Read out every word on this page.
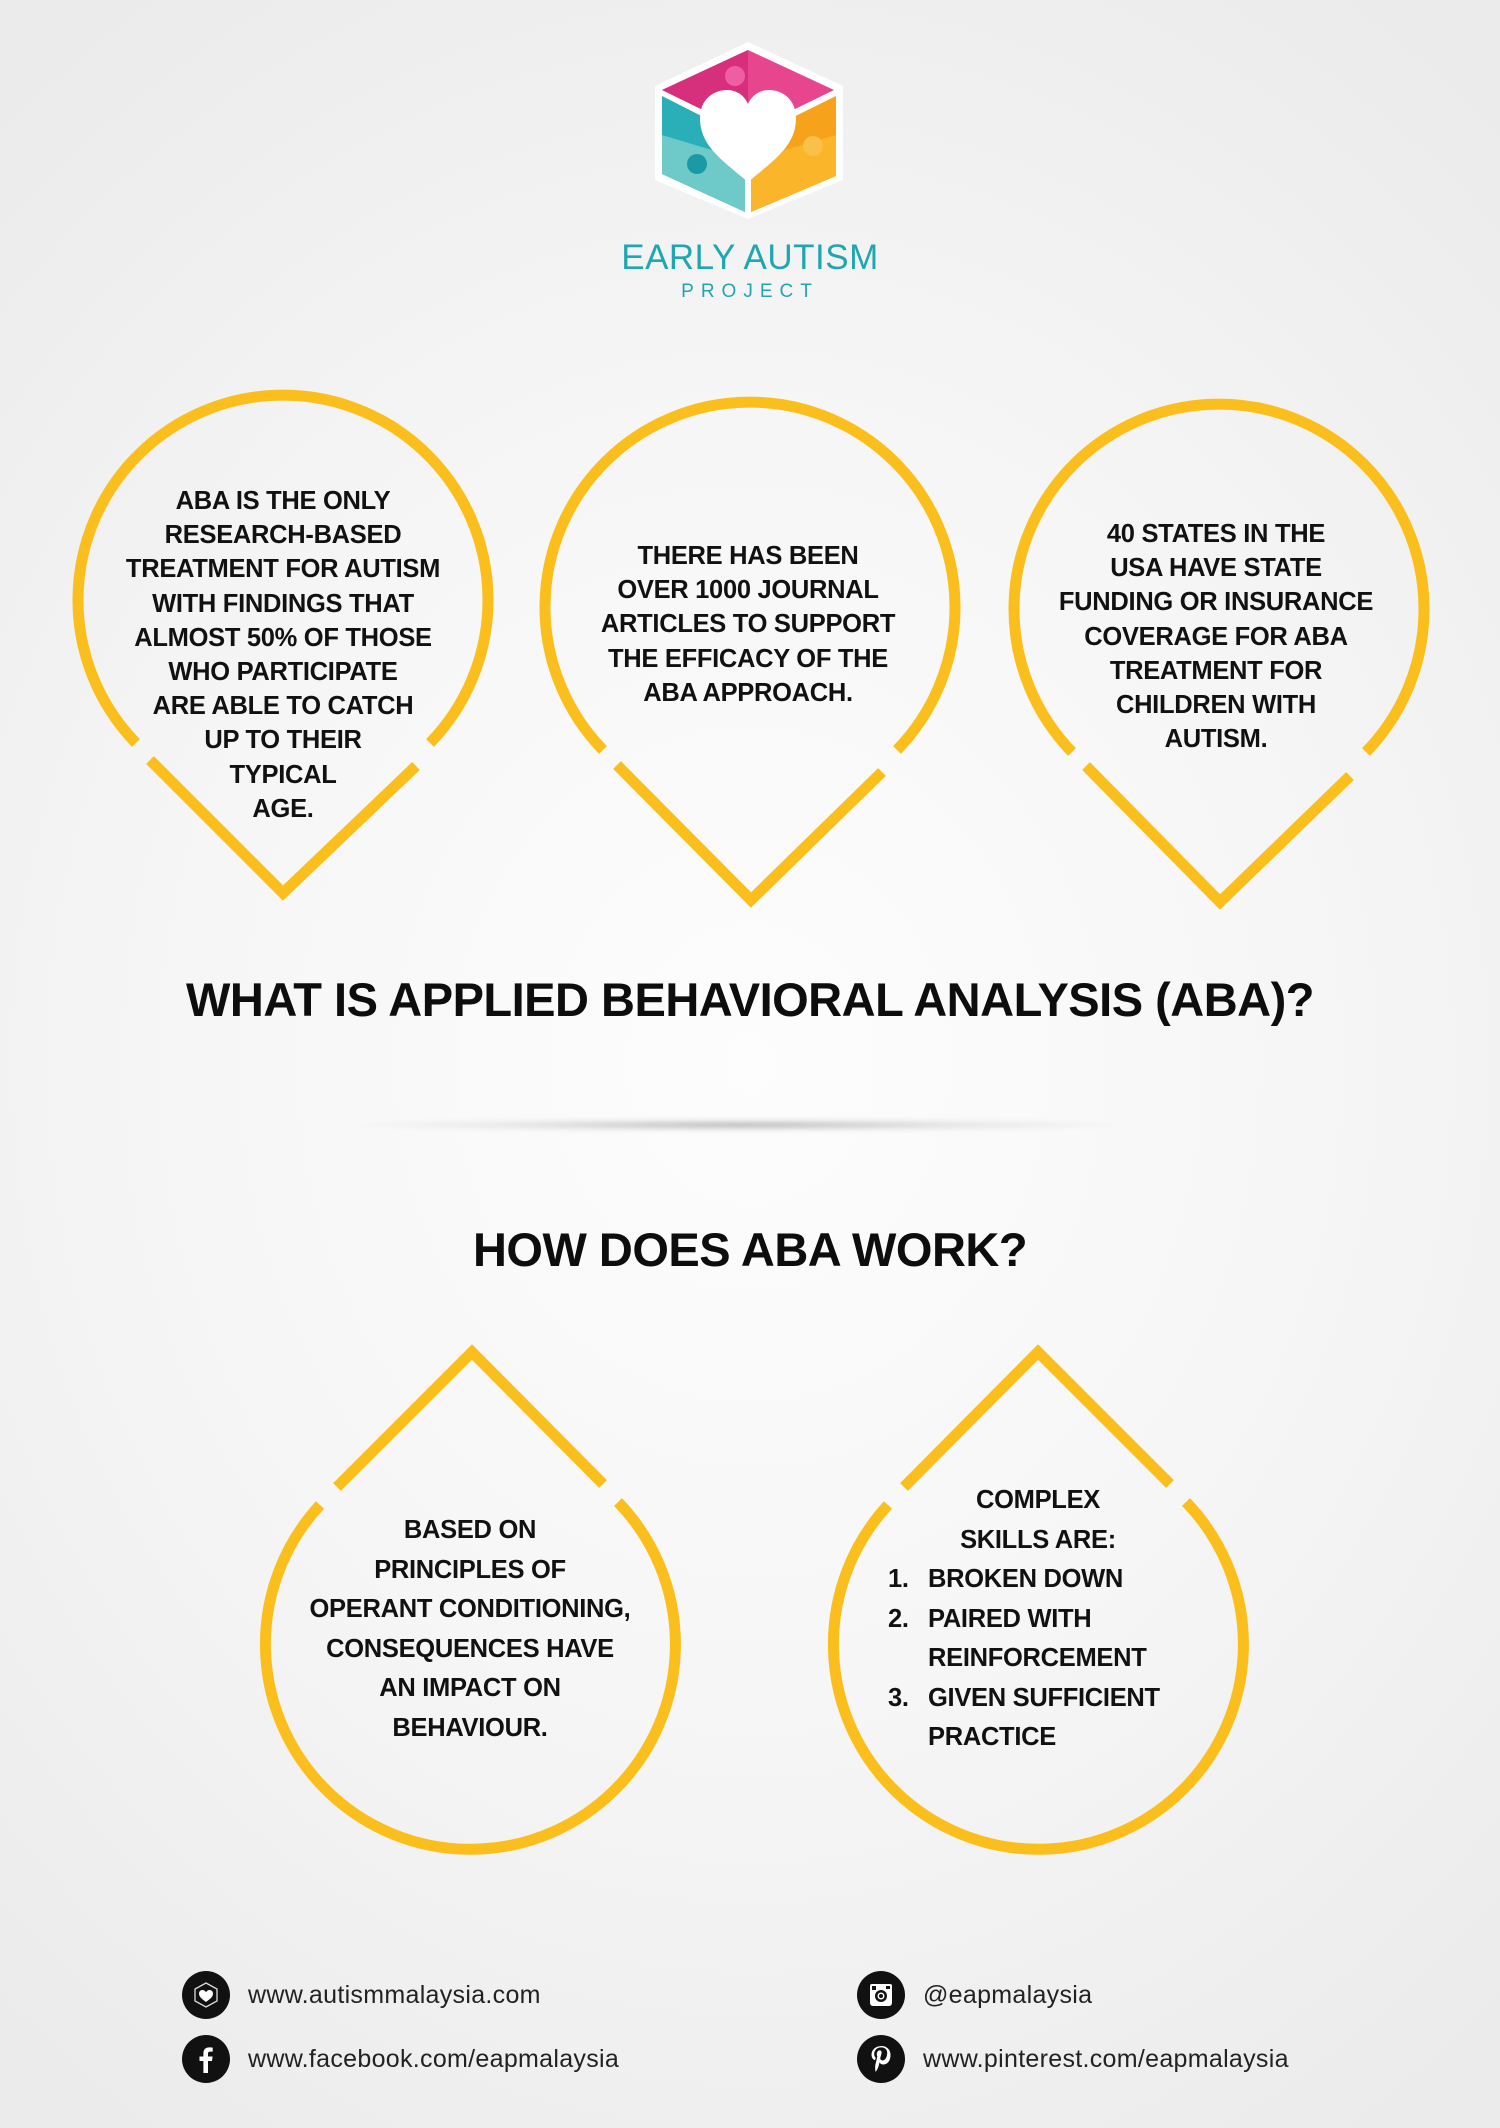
EARLY AUTISM
PROJECT
ABA IS THE ONLY
RESEARCH-BASED
TREATMENT FOR AUTISM
WITH FINDINGS THAT
ALMOST 50% OF THOSE
WHO PARTICIPATE
ARE ABLE TO CATCH
UP TO THEIR
TYPICAL
AGE.
THERE HAS BEEN
OVER 1000 JOURNAL
ARTICLES TO SUPPORT
THE EFFICACY OF THE
ABA APPROACH.
40 STATES IN THE
USA HAVE STATE
FUNDING OR INSURANCE
COVERAGE FOR ABA
TREATMENT FOR
CHILDREN WITH
AUTISM.
WHAT IS APPLIED BEHAVIORAL ANALYSIS (ABA)?
HOW DOES ABA WORK?
BASED ON
PRINCIPLES OF
OPERANT CONDITIONING,
CONSEQUENCES HAVE
AN IMPACT ON
BEHAVIOUR.
COMPLEX
SKILLS ARE:
1. BROKEN DOWN
2. PAIRED WITH
REINFORCEMENT
3. GIVEN SUFFICIENT
PRACTICE
www.autismmalaysia.com
www.facebook.com/eapmalaysia
@eapmalaysia
www.pinterest.com/eapmalaysia
